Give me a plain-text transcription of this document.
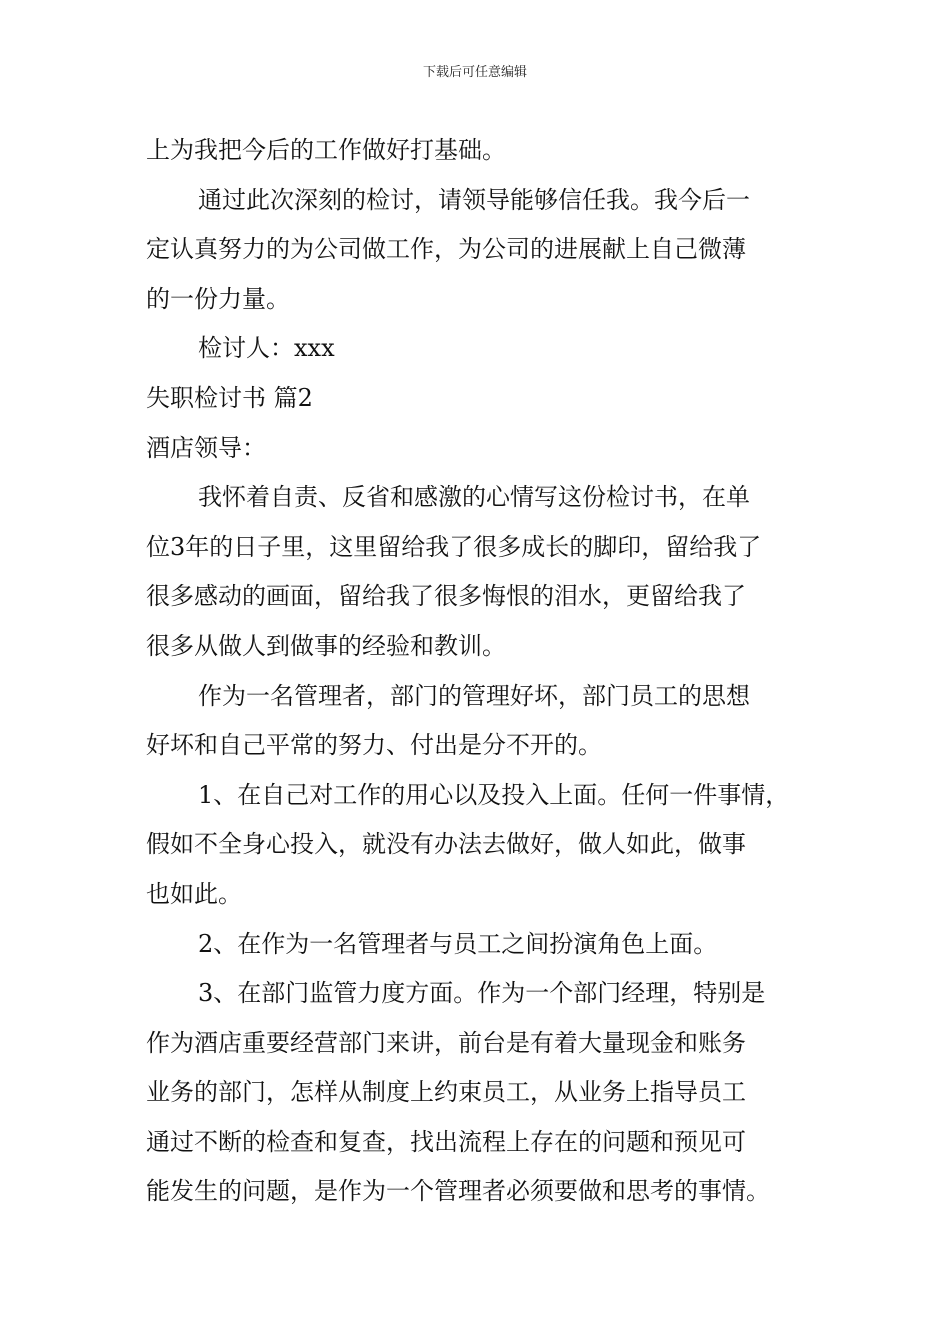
下载后可任意编辑
上为我把今后的工作做好打基础。
通过此次深刻的检讨，请领导能够信任我。我今后一
定认真努力的为公司做工作，为公司的进展献上自己微薄
的一份力量。
检讨人：xxx
失职检讨书 篇2
酒店领导：
我怀着自责、反省和感激的心情写这份检讨书，在单
位3年的日子里，这里留给我了很多成长的脚印，留给我了
很多感动的画面，留给我了很多悔恨的泪水，更留给我了
很多从做人到做事的经验和教训。
作为一名管理者，部门的管理好坏，部门员工的思想
好坏和自己平常的努力、付出是分不开的。
1、在自己对工作的用心以及投入上面。任何一件事情，
假如不全身心投入，就没有办法去做好，做人如此，做事
也如此。
2、在作为一名管理者与员工之间扮演角色上面。
3、在部门监管力度方面。作为一个部门经理，特别是
作为酒店重要经营部门来讲，前台是有着大量现金和账务
业务的部门，怎样从制度上约束员工，从业务上指导员工
通过不断的检查和复查，找出流程上存在的问题和预见可
能发生的问题，是作为一个管理者必须要做和思考的事情。
